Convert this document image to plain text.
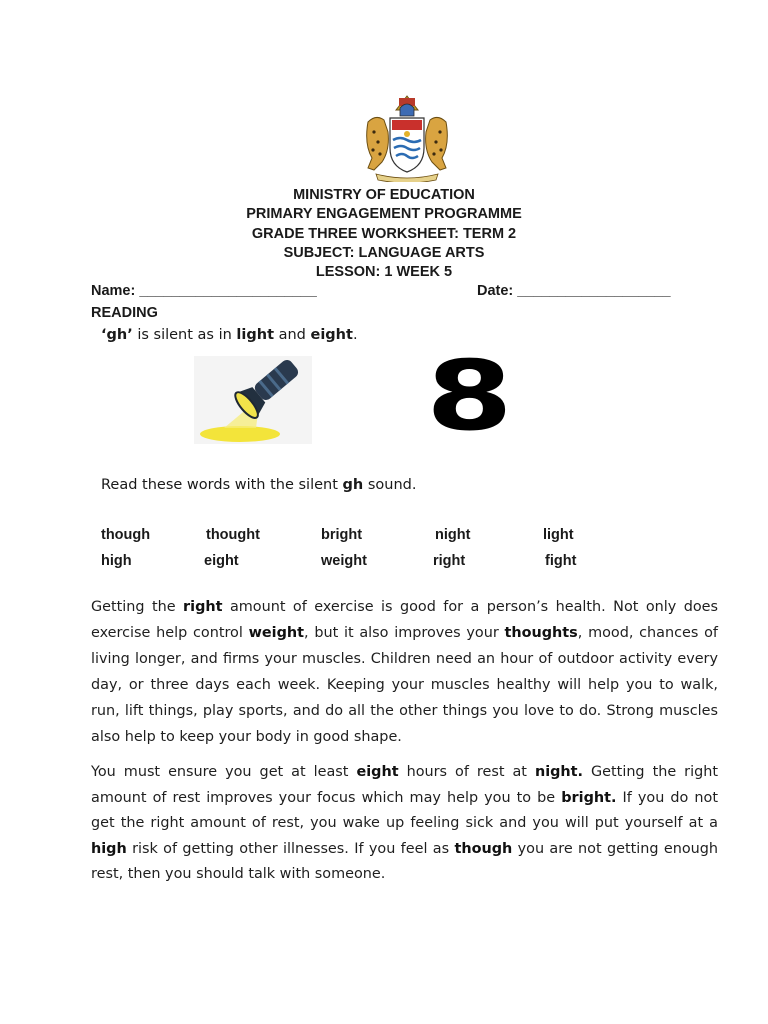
MINISTRY OF EDUCATION
PRIMARY ENGAGEMENT PROGRAMME
GRADE THREE WORKSHEET: TERM 2
SUBJECT: LANGUAGE ARTS
LESSON: 1 WEEK 5
Name: ______________________	Date: ___________________
READING
‘gh’ is silent as in light and eight.
8
Read these words with the silent gh sound.
though	thought	bright	night	light
high	eight	weight	right	fight
Getting the right amount of exercise is good for a person’s health. Not only does exercise help control weight, but it also improves your thoughts, mood, chances of living longer, and firms your muscles. Children need an hour of outdoor activity every day, or three days each week. Keeping your muscles healthy will help you to walk, run, lift things, play sports, and do all the other things you love to do. Strong muscles also help to keep your body in good shape.
You must ensure you get at least eight hours of rest at night. Getting the right amount of rest improves your focus which may help you to be bright. If you do not get the right amount of rest, you wake up feeling sick and you will put yourself at a high risk of getting other illnesses. If you feel as though you are not getting enough rest, then you should talk with someone.
